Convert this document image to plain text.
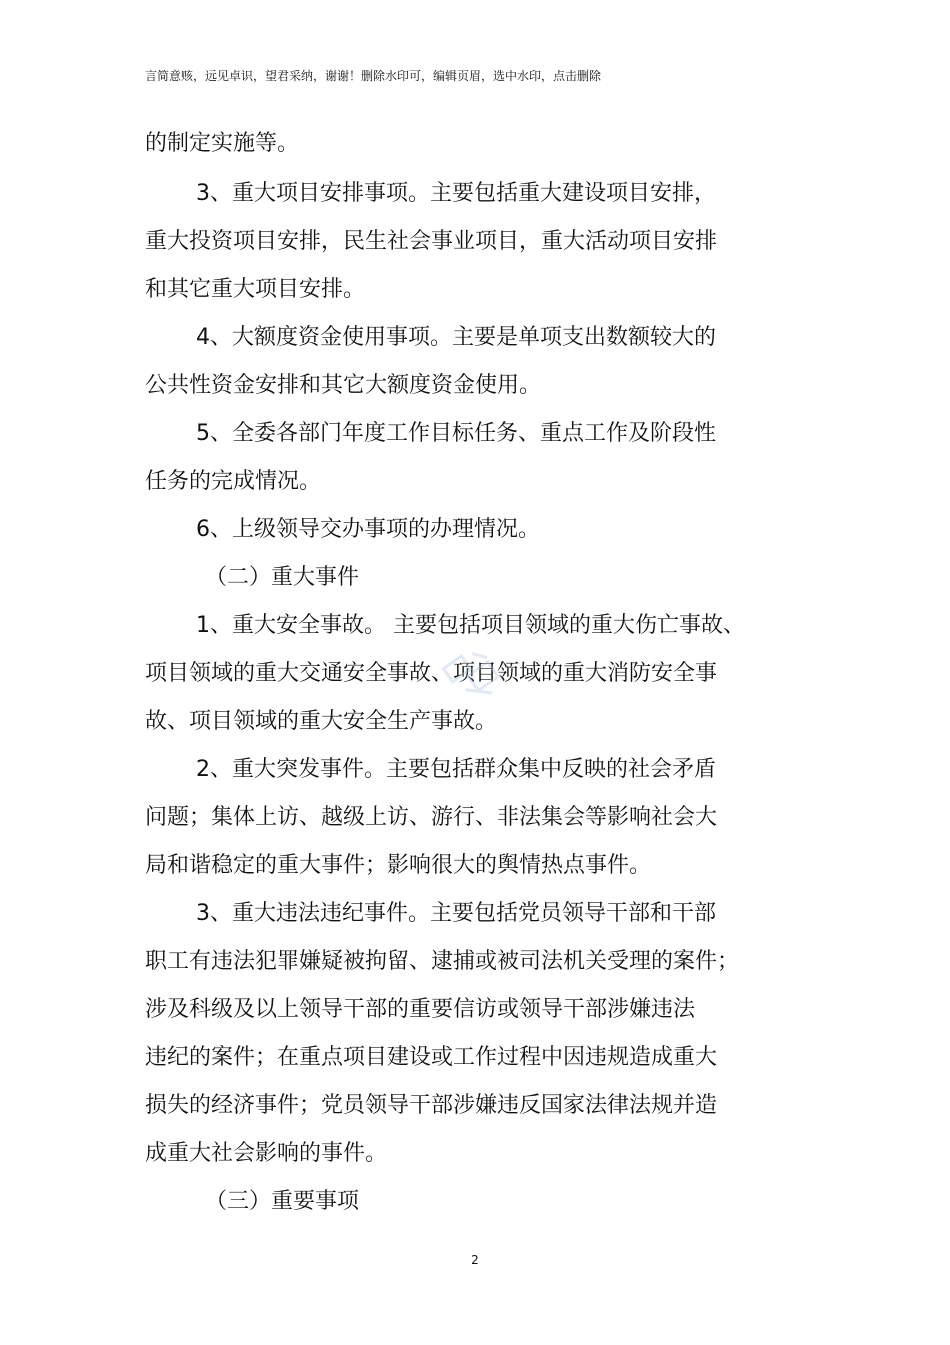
言简意赅，远见卓识，望君采纳，谢谢！删除水印可，编辑页眉，选中水印，点击删除
的制定实施等。
3、重大项目安排事项。主要包括重大建设项目安排，
重大投资项目安排，民生社会事业项目，重大活动项目安排
和其它重大项目安排。
4、大额度资金使用事项。主要是单项支出数额较大的
公共性资金安排和其它大额度资金使用。
5、全委各部门年度工作目标任务、重点工作及阶段性
任务的完成情况。
6、上级领导交办事项的办理情况。
（二）重大事件
1、重大安全事故。 主要包括项目领域的重大伤亡事故、
项目领域的重大交通安全事故、项目领域的重大消防安全事
故、项目领域的重大安全生产事故。
2、重大突发事件。主要包括群众集中反映的社会矛盾
问题；集体上访、越级上访、游行、非法集会等影响社会大
局和谐稳定的重大事件；影响很大的舆情热点事件。
3、重大违法违纪事件。主要包括党员领导干部和干部
职工有违法犯罪嫌疑被拘留、逮捕或被司法机关受理的案件；
涉及科级及以上领导干部的重要信访或领导干部涉嫌违法
违纪的案件；在重点项目建设或工作过程中因违规造成重大
损失的经济事件；党员领导干部涉嫌违反国家法律法规并造
成重大社会影响的事件。
（三）重要事项
2
